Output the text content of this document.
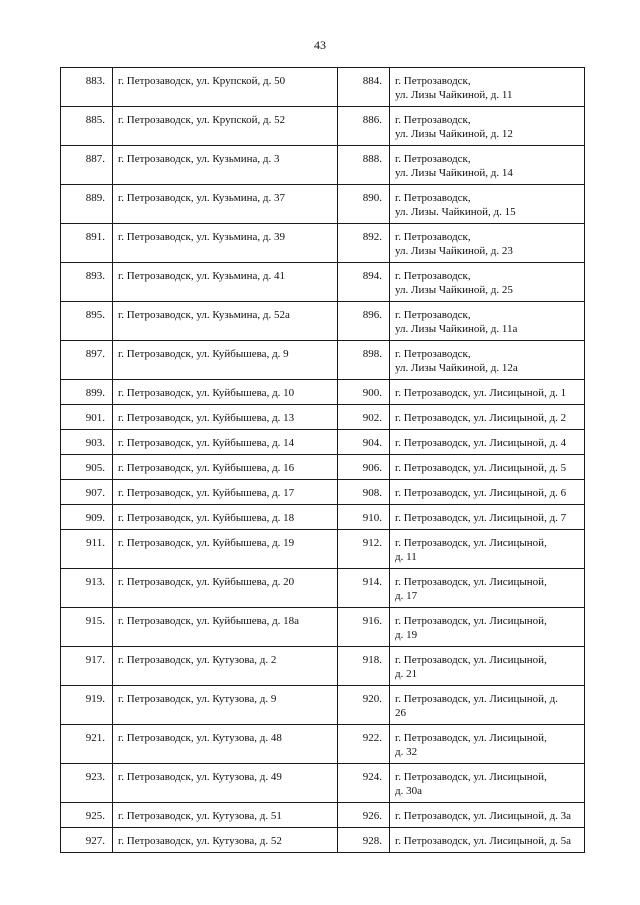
43
883.	г. Петрозаводск, ул. Крупской, д. 50	884.	г. Петрозаводск,
ул. Лизы Чайкиной, д. 11
885.	г. Петрозаводск, ул. Крупской, д. 52	886.	г. Петрозаводск,
ул. Лизы Чайкиной, д. 12
887.	г. Петрозаводск, ул. Кузьмина, д. 3	888.	г. Петрозаводск,
ул. Лизы Чайкиной, д. 14
889.	г. Петрозаводск, ул. Кузьмина, д. 37	890.	г. Петрозаводск,
ул. Лизы. Чайкиной, д. 15
891.	г. Петрозаводск, ул. Кузьмина, д. 39	892.	г. Петрозаводск,
ул. Лизы Чайкиной, д. 23
893.	г. Петрозаводск, ул. Кузьмина, д. 41	894.	г. Петрозаводск,
ул. Лизы Чайкиной, д. 25
895.	г. Петрозаводск, ул. Кузьмина, д. 52а	896.	г. Петрозаводск,
ул. Лизы Чайкиной, д. 11а
897.	г. Петрозаводск, ул. Куйбышева, д. 9	898.	г. Петрозаводск,
ул. Лизы Чайкиной, д. 12а
899.	г. Петрозаводск, ул. Куйбышева, д. 10	900.	г. Петрозаводск, ул. Лисицыной, д. 1
901.	г. Петрозаводск, ул. Куйбышева, д. 13	902.	г. Петрозаводск, ул. Лисицыной, д. 2
903.	г. Петрозаводск, ул. Куйбышева, д. 14	904.	г. Петрозаводск, ул. Лисицыной, д. 4
905.	г. Петрозаводск, ул. Куйбышева, д. 16	906.	г. Петрозаводск, ул. Лисицыной, д. 5
907.	г. Петрозаводск, ул. Куйбышева, д. 17	908.	г. Петрозаводск, ул. Лисицыной, д. 6
909.	г. Петрозаводск, ул. Куйбышева, д. 18	910.	г. Петрозаводск, ул. Лисицыной, д. 7
911.	г. Петрозаводск, ул. Куйбышева, д. 19	912.	г. Петрозаводск, ул. Лисицыной,
д. 11
913.	г. Петрозаводск, ул. Куйбышева, д. 20	914.	г. Петрозаводск, ул. Лисицыной,
д. 17
915.	г. Петрозаводск, ул. Куйбышева, д. 18а	916.	г. Петрозаводск, ул. Лисицыной,
д. 19
917.	г. Петрозаводск, ул. Кутузова, д. 2	918.	г. Петрозаводск, ул. Лисицыной,
д. 21
919.	г. Петрозаводск, ул. Кутузова, д. 9	920.	г. Петрозаводск, ул. Лисицыной, д.
26
921.	г. Петрозаводск, ул. Кутузова, д. 48	922.	г. Петрозаводск, ул. Лисицыной,
д. 32
923.	г. Петрозаводск, ул. Кутузова, д. 49	924.	г. Петрозаводск, ул. Лисицыной,
д. 30а
925.	г. Петрозаводск, ул. Кутузова, д. 51	926.	г. Петрозаводск, ул. Лисицыной, д. 3а
927.	г. Петрозаводск, ул. Кутузова, д. 52	928.	г. Петрозаводск, ул. Лисицыной, д. 5а
